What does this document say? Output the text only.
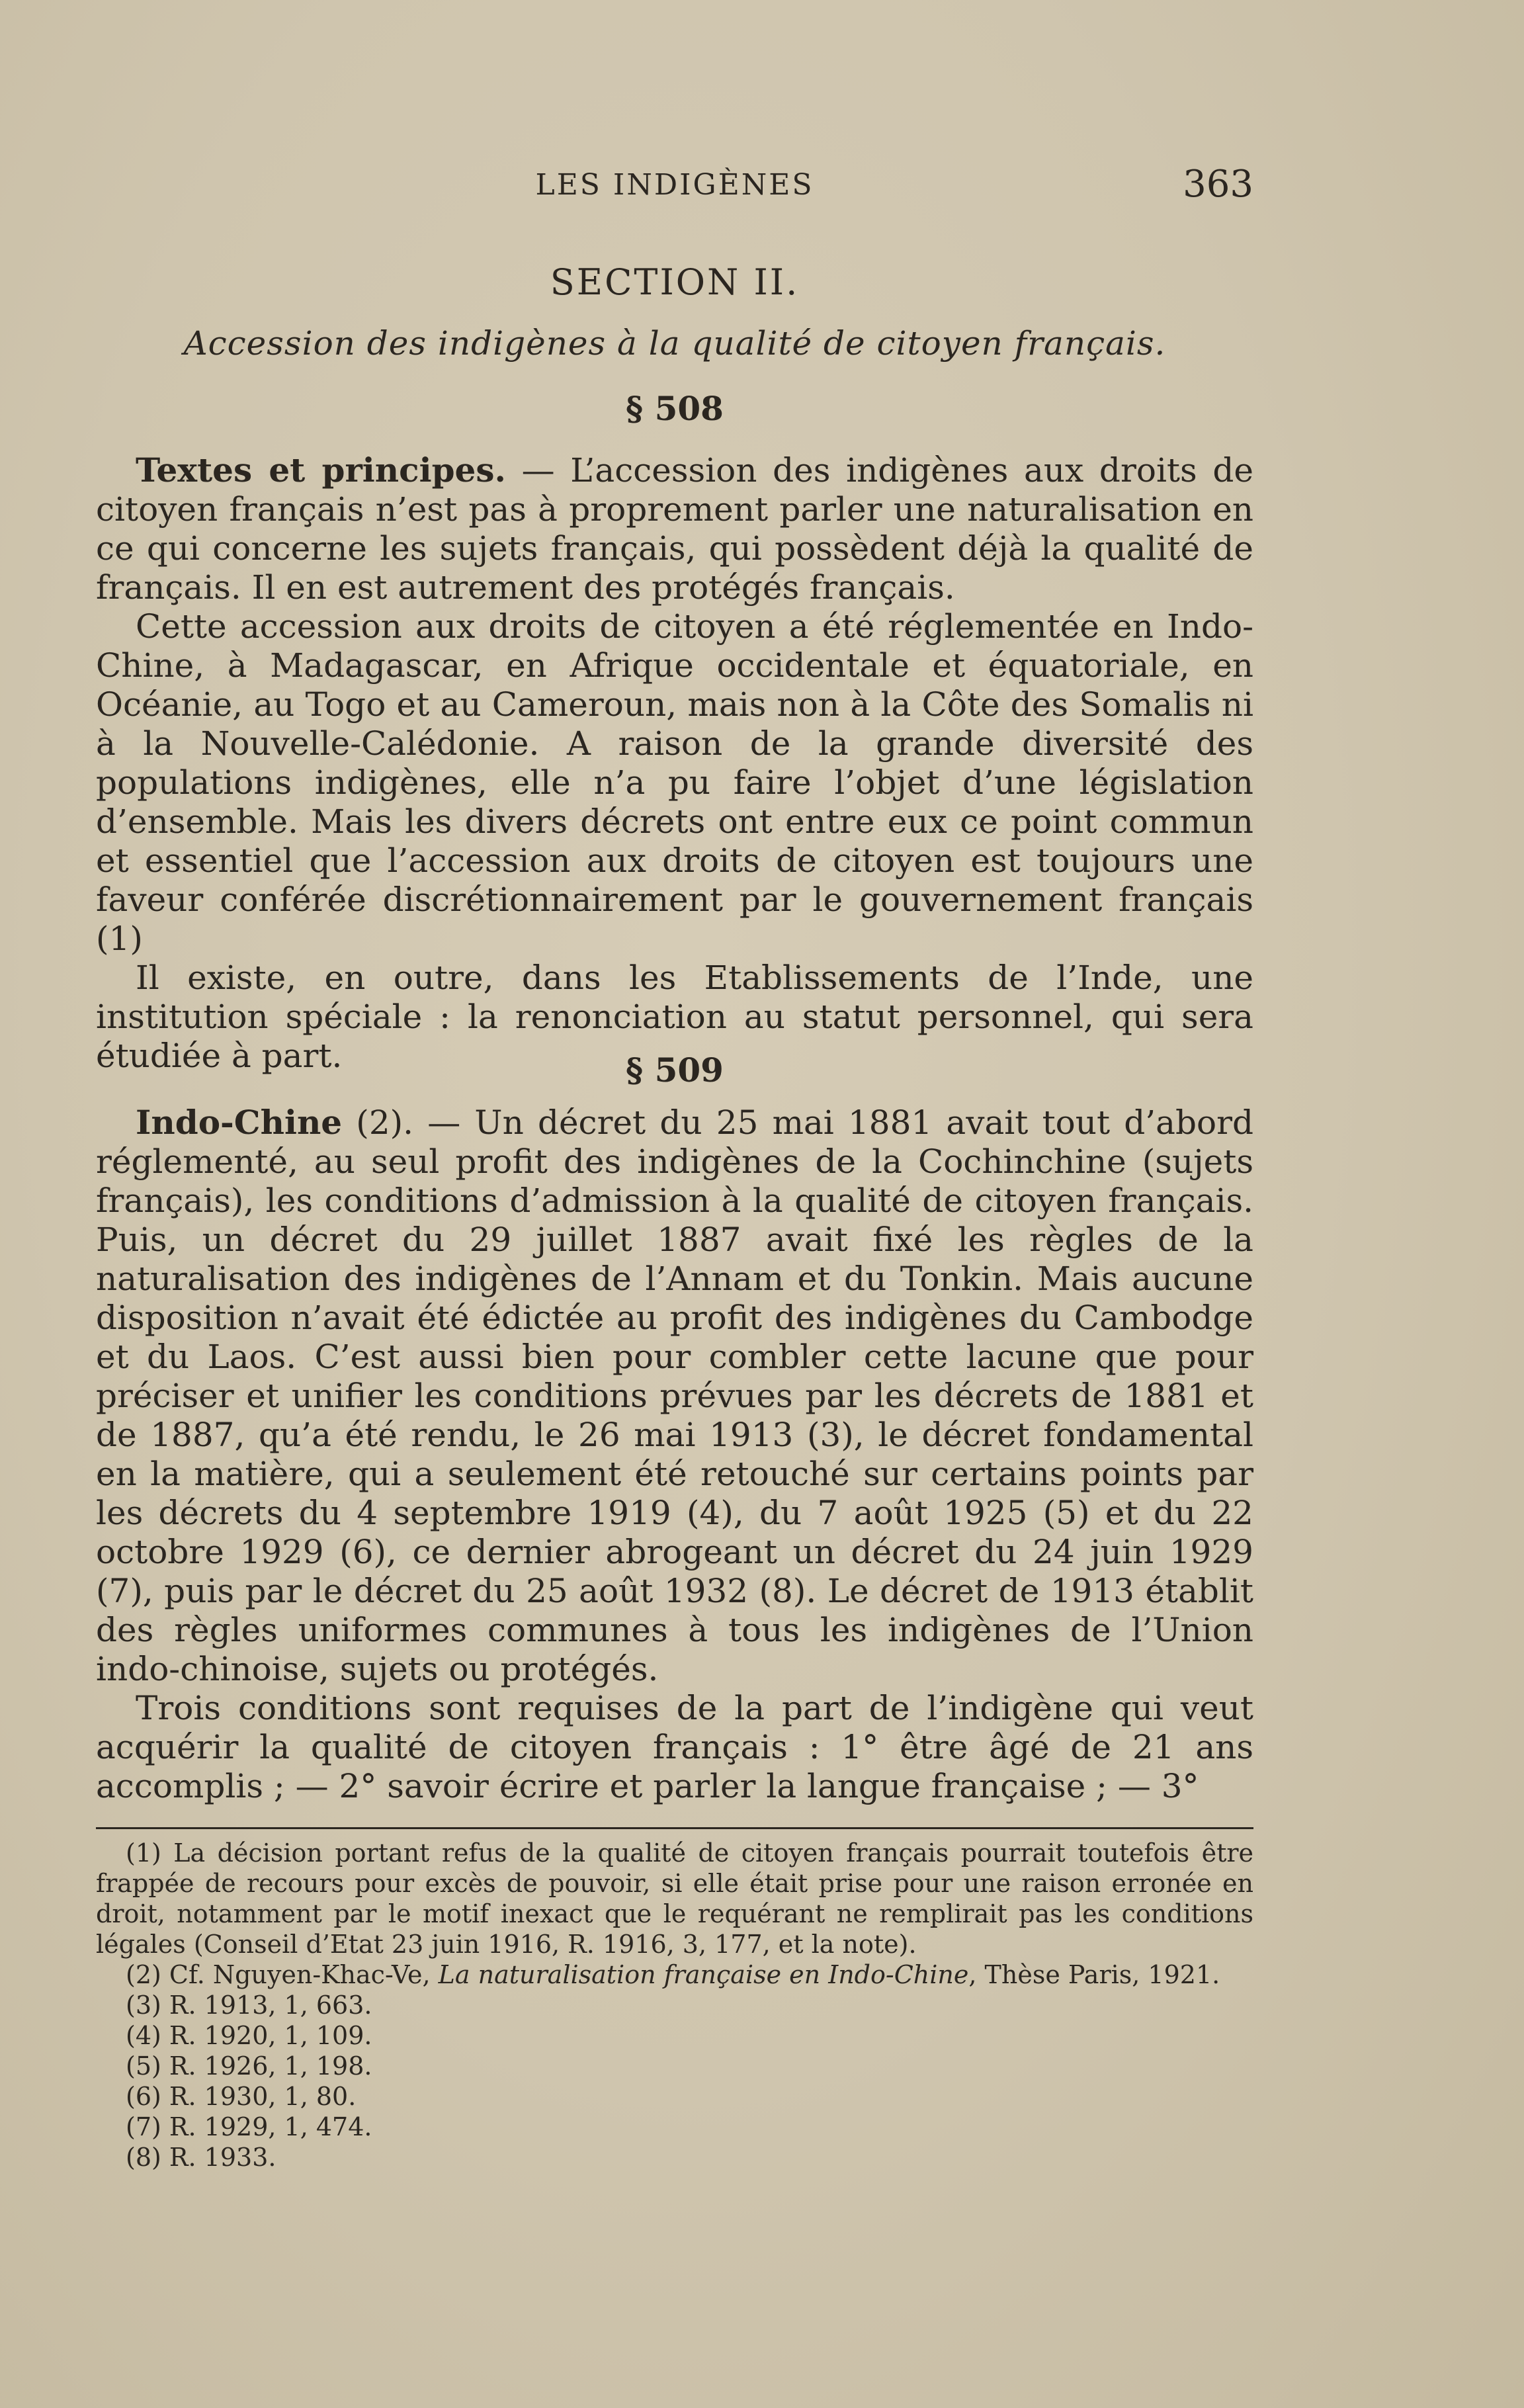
LES INDIGÈNES	363
SECTION II.
Accession des indigènes à la qualité de citoyen français.
§ 508

Textes et principes. — L’accession des indigènes aux droits de citoyen français n’est pas à proprement parler une naturalisation en ce qui concerne les sujets français, qui possèdent déjà la qualité de français. Il en est autrement des protégés français.

Cette accession aux droits de citoyen a été réglementée en Indo-Chine, à Madagascar, en Afrique occidentale et équatoriale, en Océanie, au Togo et au Cameroun, mais non à la Côte des Somalis ni à la Nouvelle-Calédonie. A raison de la grande diversité des populations indigènes, elle n’a pu faire l’objet d’une législation d’ensemble. Mais les divers décrets ont entre eux ce point commun et essentiel que l’accession aux droits de citoyen est toujours une faveur conférée discrétionnairement par le gouvernement français (1)

Il existe, en outre, dans les Etablissements de l’Inde, une institution spéciale : la renonciation au statut personnel, qui sera étudiée à part.	§ 509

Indo-Chine (2). — Un décret du 25 mai 1881 avait tout d’abord réglementé, au seul profit des indigènes de la Cochinchine (sujets français), les conditions d’admission à la qualité de citoyen français. Puis, un décret du 29 juillet 1887 avait fixé les règles de la naturalisation des indigènes de l’Annam et du Tonkin. Mais aucune disposition n’avait été édictée au profit des indigènes du Cambodge et du Laos. C’est aussi bien pour combler cette lacune que pour préciser et unifier les conditions prévues par les décrets de 1881 et de 1887, qu’a été rendu, le 26 mai 1913 (3), le décret fondamental en la matière, qui a seulement été retouché sur certains points par les décrets du 4 septembre 1919 (4), du 7 août 1925 (5) et du 22 octobre 1929 (6), ce dernier abrogeant un décret du 24 juin 1929 (7), puis par le décret du 25 août 1932 (8). Le décret de 1913 établit des règles uniformes communes à tous les indigènes de l’Union indo-chinoise, sujets ou protégés.

Trois conditions sont requises de la part de l’indigène qui veut acquérir la qualité de citoyen français : 1° être âgé de 21 ans accomplis ; — 2° savoir écrire et parler la langue française ; — 3°

(1) La décision portant refus de la qualité de citoyen français pourrait toutefois être frappée de recours pour excès de pouvoir, si elle était prise pour une raison erronée en droit, notamment par le motif inexact que le requérant ne remplirait pas les conditions légales (Conseil d’Etat 23 juin 1916, R. 1916, 3, 177, et la note).

(2) Cf. Nguyen-Khac-Ve, La naturalisation française en Indo-Chine, Thèse Paris, 1921.

(3) R. 1913, 1, 663.

(4) R. 1920, 1, 109.

(5) R. 1926, 1, 198.

(6) R. 1930, 1, 80.

(7) R. 1929, 1, 474.

(8) R. 1933.
